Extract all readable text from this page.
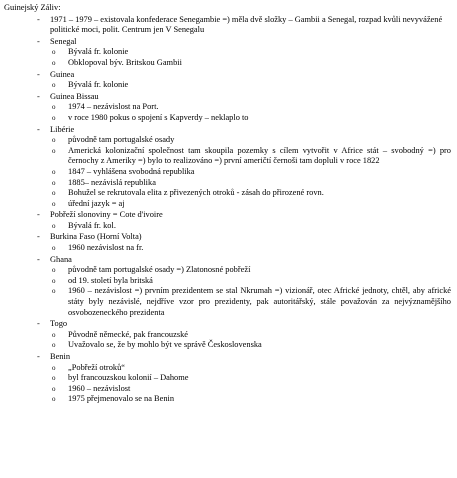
Guinejský Záliv:
- 1971 – 1979 – existovala konfederace Senegambie =) měla dvě složky – Gambii a Senegal, rozpad kvůli nevyvážené politické moci, polit. Centrum jen V Senegalu
- Senegal
o Bývalá fr. kolonie
o Obklopoval býv. Britskou Gambii
- Guinea
o Bývalá fr. kolonie
- Guinea Bissau
o 1974 – nezávislost na Port.
o v roce 1980 pokus o spojení s Kapverdy – neklaplo to
- Libérie
o původně tam portugalské osady
o Americká kolonizační společnost tam skoupila pozemky s cílem vytvořit v Africe stát – svobodný =) pro černochy z Ameriky =) bylo to realizováno =) první američtí černoši tam dopluli v roce 1822
o 1847 – vyhlášena svobodná republika
o 1885– nezávislá republika
o Bohužel se rekrutovala elita z přivezených otroků - zásah do přirozené rovn.
o úřední jazyk = aj
- Pobřeží slonoviny = Cote d'ivoire
o Bývalá fr. kol.
- Burkina Faso (Horní Volta)
o 1960 nezávislost na fr.
- Ghana
o původně tam portugalské osady =) Zlatonosné pobřeží
o od 19. století byla britská
o 1960 – nezávislost =) prvním prezidentem se stal Nkrumah =) vizionář, otec Africké jednoty, chtěl, aby africké státy byly nezávislé, nejdříve vzor pro prezidenty, pak autoritářský, stále považován za nejvýznamějšího osvobozeneckého prezidenta
- Togo
o Původně německé, pak francouzské
o Uvažovalo se, že by mohlo být ve správě Československa
- Benin
o „Pobřeží otroků“
o byl francouzskou kolonií – Dahome
o 1960 – nezávislost
o 1975 přejmenovalo se na Benin
